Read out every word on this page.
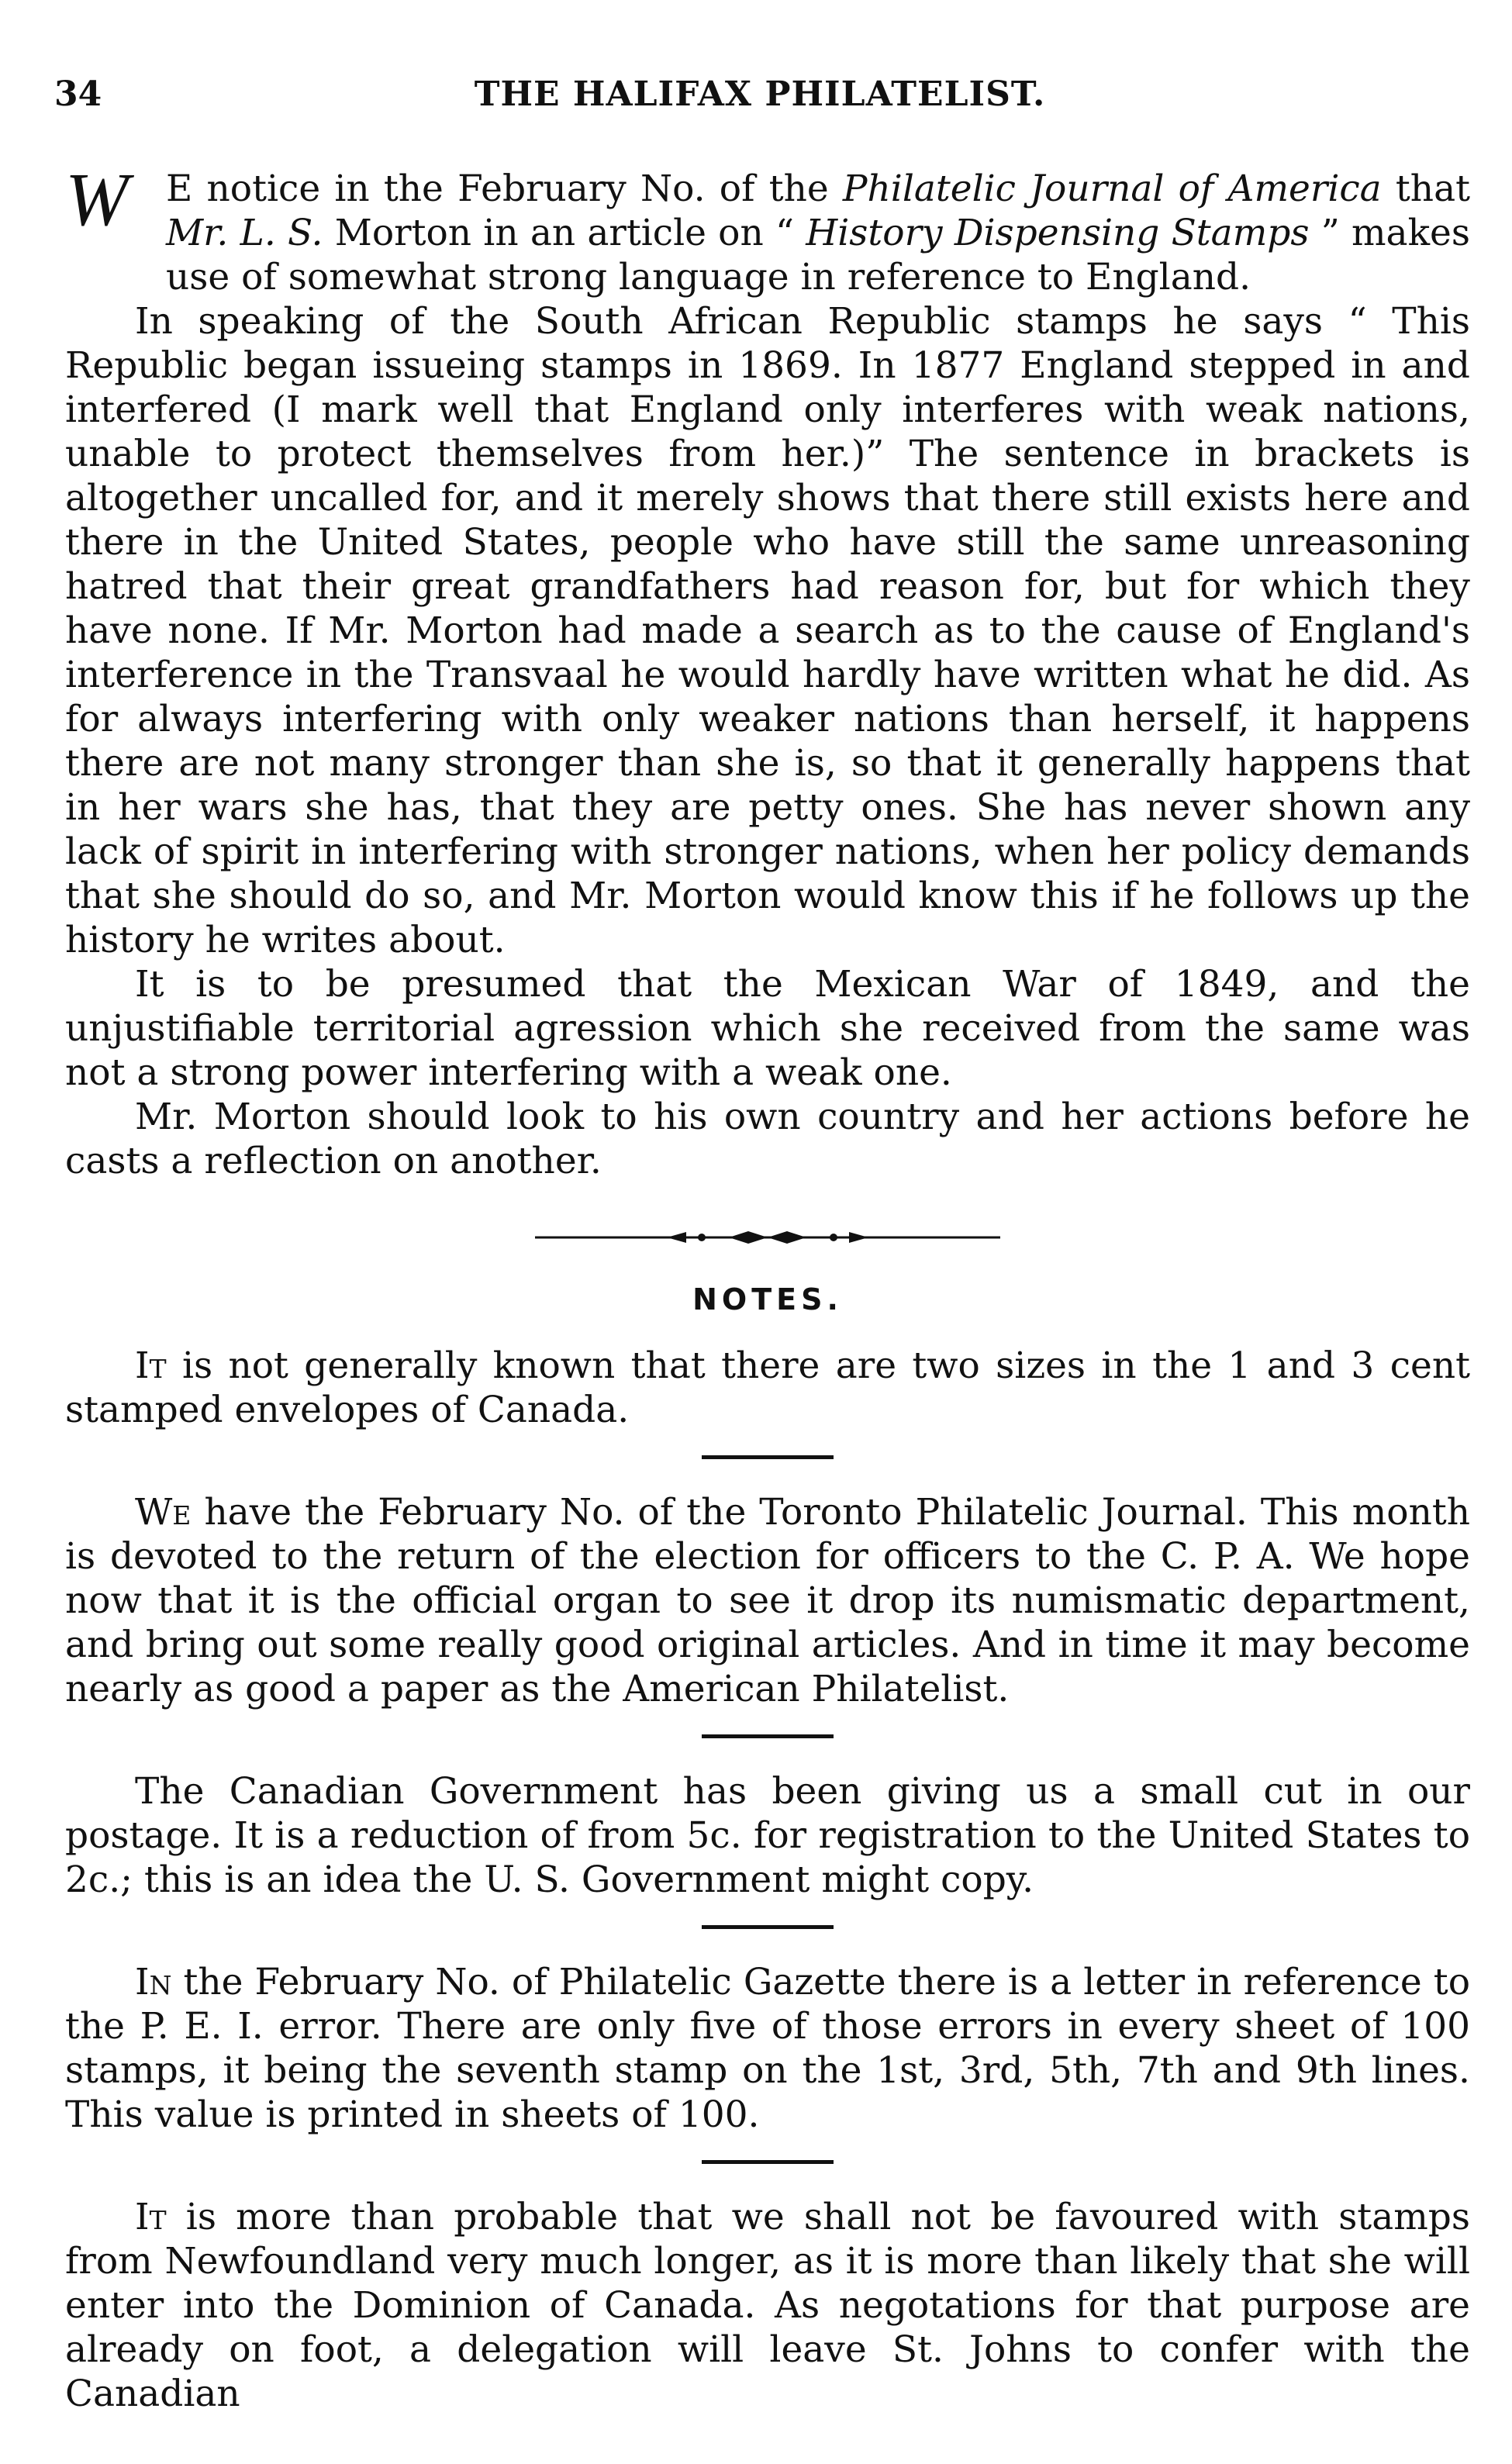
34	THE HALIFAX PHILATELIST.

W E notice in the February No. of the Philatelic Journal of America that Mr. L. S. Morton in an article on “ History Dispensing Stamps ” makes use of somewhat strong language in reference to England.

In speaking of the South African Republic stamps he says “ This Republic began issueing stamps in 1869. In 1877 England stepped in and interfered (I mark well that England only interferes with weak nations, unable to protect themselves from her.)” The sentence in brackets is altogether uncalled for, and it merely shows that there still exists here and there in the United States, people who have still the same unreasoning hatred that their great grandfathers had reason for, but for which they have none. If Mr. Morton had made a search as to the cause of England's interference in the Transvaal he would hardly have written what he did. As for always interfering with only weaker nations than herself, it happens there are not many stronger than she is, so that it generally happens that in her wars she has, that they are petty ones. She has never shown any lack of spirit in interfering with stronger nations, when her policy demands that she should do so, and Mr. Morton would know this if he follows up the history he writes about.

It is to be presumed that the Mexican War of 1849, and the unjustifiable territorial agression which she received from the same was not a strong power interfering with a weak one.

Mr. Morton should look to his own country and her actions before he casts a reflection on another.

NOTES.

It is not generally known that there are two sizes in the 1 and 3 cent stamped envelopes of Canada.

We have the February No. of the Toronto Philatelic Journal. This month is devoted to the return of the election for officers to the C. P. A. We hope now that it is the official organ to see it drop its numismatic department, and bring out some really good original articles. And in time it may become nearly as good a paper as the American Philatelist.

The Canadian Government has been giving us a small cut in our postage. It is a reduction of from 5c. for registration to the United States to 2c.; this is an idea the U. S. Government might copy.

In the February No. of Philatelic Gazette there is a letter in reference to the P. E. I. error. There are only five of those errors in every sheet of 100 stamps, it being the seventh stamp on the 1st, 3rd, 5th, 7th and 9th lines. This value is printed in sheets of 100.

It is more than probable that we shall not be favoured with stamps from Newfoundland very much longer, as it is more than likely that she will enter into the Dominion of Canada. As negotations for that purpose are already on foot, a delegation will leave St. Johns to confer with the Canadian
